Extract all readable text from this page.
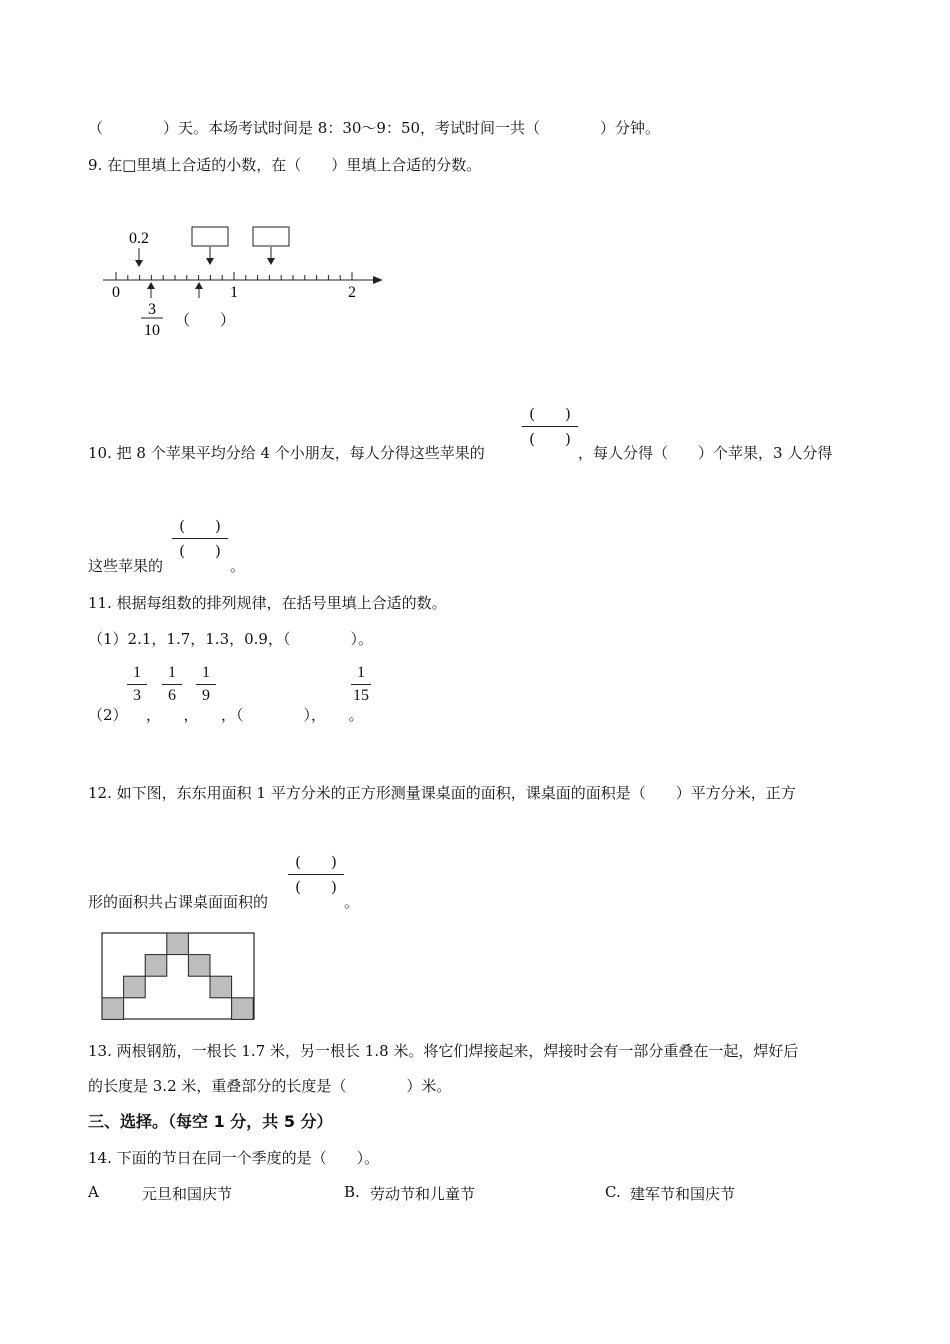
（　　　　）天。本场考试时间是 8：30～9：50，考试时间一共（　　　　）分钟。
9. 在□里填上合适的小数，在（　　）里填上合适的分数。
0.2
0	1	2
3
10
（　　）
(　　)
(　　)
10. 把 8 个苹果平均分给 4 个小朋友，每人分得这些苹果的	，每人分得（　　）个苹果，3 人分得
(　　)
(　　)
这些苹果的	。
11. 根据每组数的排列规律，在括号里填上合适的数。
（1）2.1，1.7，1.3，0.9，（　　　　）。
1
3
1
6
1
9
1
15
（2） ，　　，　　，（　　　　），　　。
12. 如下图，东东用面积 1 平方分米的正方形测量课桌面的面积，课桌面的面积是（　　）平方分米，正方
(　　)
(　　)
形的面积共占课桌面面积的	。
13. 两根钢筋，一根长 1.7 米，另一根长 1.8 米。将它们焊接起来，焊接时会有一部分重叠在一起，焊好后
的长度是 3.2 米，重叠部分的长度是（　　　　）米。
三、选择。（每空 1 分，共 5 分）
14. 下面的节日在同一个季度的是（　　）。
A	元旦和国庆节	B. 劳动节和儿童节	C. 建军节和国庆节
